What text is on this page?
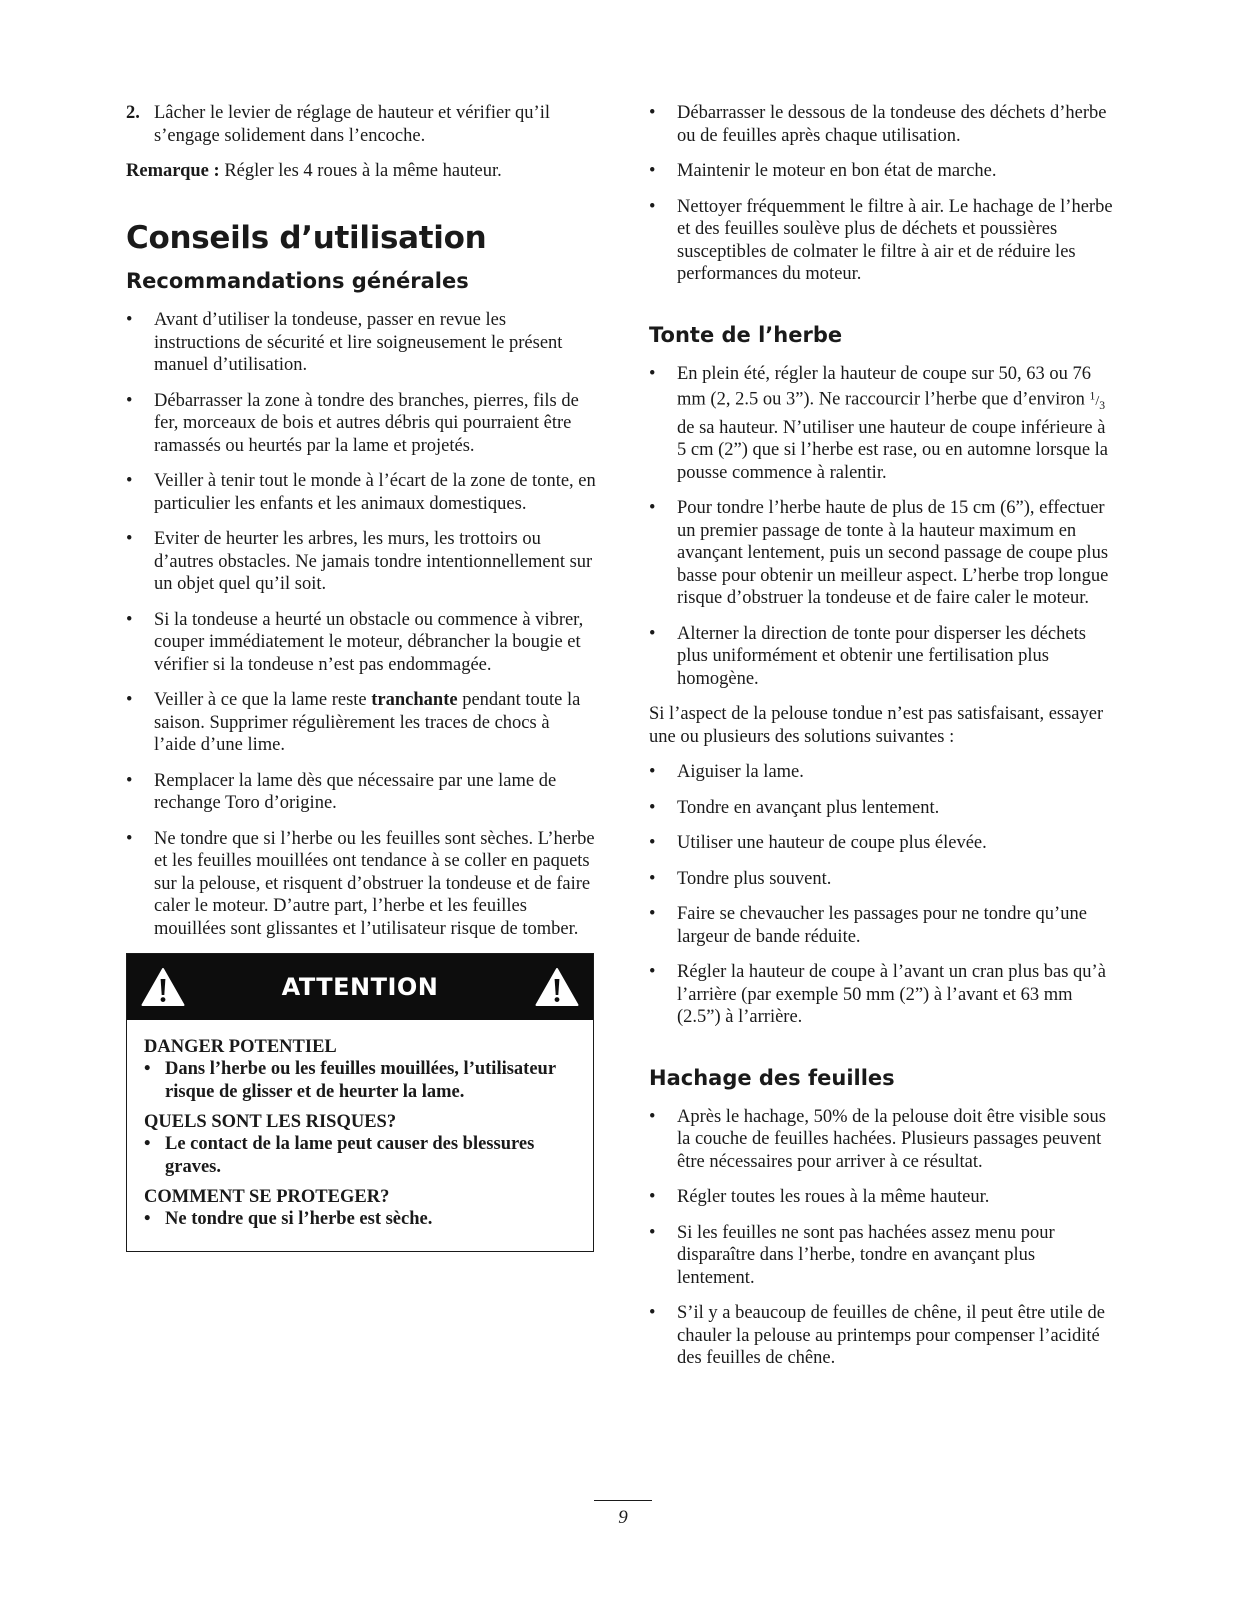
2. Lâcher le levier de réglage de hauteur et vérifier qu’il s’engage solidement dans l’encoche.

Remarque : Régler les 4 roues à la même hauteur.

Conseils d’utilisation
Recommandations générales
• Avant d’utiliser la tondeuse, passer en revue les instructions de sécurité et lire soigneusement le présent manuel d’utilisation.
• Débarrasser la zone à tondre des branches, pierres, fils de fer, morceaux de bois et autres débris qui pourraient être ramassés ou heurtés par la lame et projetés.
• Veiller à tenir tout le monde à l’écart de la zone de tonte, en particulier les enfants et les animaux domestiques.
• Eviter de heurter les arbres, les murs, les trottoirs ou d’autres obstacles. Ne jamais tondre intentionnellement sur un objet quel qu’il soit.
• Si la tondeuse a heurté un obstacle ou commence à vibrer, couper immédiatement le moteur, débrancher la bougie et vérifier si la tondeuse n’est pas endommagée.
• Veiller à ce que la lame reste tranchante pendant toute la saison. Supprimer régulièrement les traces de chocs à l’aide d’une lime.
• Remplacer la lame dès que nécessaire par une lame de rechange Toro d’origine.
• Ne tondre que si l’herbe ou les feuilles sont sèches. L’herbe et les feuilles mouillées ont tendance à se coller en paquets sur la pelouse, et risquent d’obstruer la tondeuse et de faire caler le moteur. D’autre part, l’herbe et les feuilles mouillées sont glissantes et l’utilisateur risque de tomber.
ATTENTION
DANGER POTENTIEL
• Dans l’herbe ou les feuilles mouillées, l’utilisateur risque de glisser et de heurter la lame.
QUELS SONT LES RISQUES?
• Le contact de la lame peut causer des blessures graves.
COMMENT SE PROTEGER?
• Ne tondre que si l’herbe est sèche.
• Débarrasser le dessous de la tondeuse des déchets d’herbe ou de feuilles après chaque utilisation.
• Maintenir le moteur en bon état de marche.
• Nettoyer fréquemment le filtre à air. Le hachage de l’herbe et des feuilles soulève plus de déchets et poussières susceptibles de colmater le filtre à air et de réduire les performances du moteur.
Tonte de l’herbe
• En plein été, régler la hauteur de coupe sur 50, 63 ou 76 mm (2, 2.5 ou 3”). Ne raccourcir l’herbe que d’environ $^1/_3$ de sa hauteur. N’utiliser une hauteur de coupe inférieure à 5 cm (2”) que si l’herbe est rase, ou en automne lorsque la pousse commence à ralentir.
• Pour tondre l’herbe haute de plus de 15 cm (6”), effectuer un premier passage de tonte à la hauteur maximum en avançant lentement, puis un second passage de coupe plus basse pour obtenir un meilleur aspect. L’herbe trop longue risque d’obstruer la tondeuse et de faire caler le moteur.
• Alterner la direction de tonte pour disperser les déchets plus uniformément et obtenir une fertilisation plus homogène.

Si l’aspect de la pelouse tondue n’est pas satisfaisant, essayer une ou plusieurs des solutions suivantes :

• Aiguiser la lame.
• Tondre en avançant plus lentement.
• Utiliser une hauteur de coupe plus élevée.
• Tondre plus souvent.
• Faire se chevaucher les passages pour ne tondre qu’une largeur de bande réduite.
• Régler la hauteur de coupe à l’avant un cran plus bas qu’à l’arrière (par exemple 50 mm (2”) à l’avant et 63 mm (2.5”) à l’arrière.
Hachage des feuilles
• Après le hachage, 50% de la pelouse doit être visible sous la couche de feuilles hachées. Plusieurs passages peuvent être nécessaires pour arriver à ce résultat.
• Régler toutes les roues à la même hauteur.
• Si les feuilles ne sont pas hachées assez menu pour disparaître dans l’herbe, tondre en avançant plus lentement.
• S’il y a beaucoup de feuilles de chêne, il peut être utile de chauler la pelouse au printemps pour compenser l’acidité des feuilles de chêne.
9
